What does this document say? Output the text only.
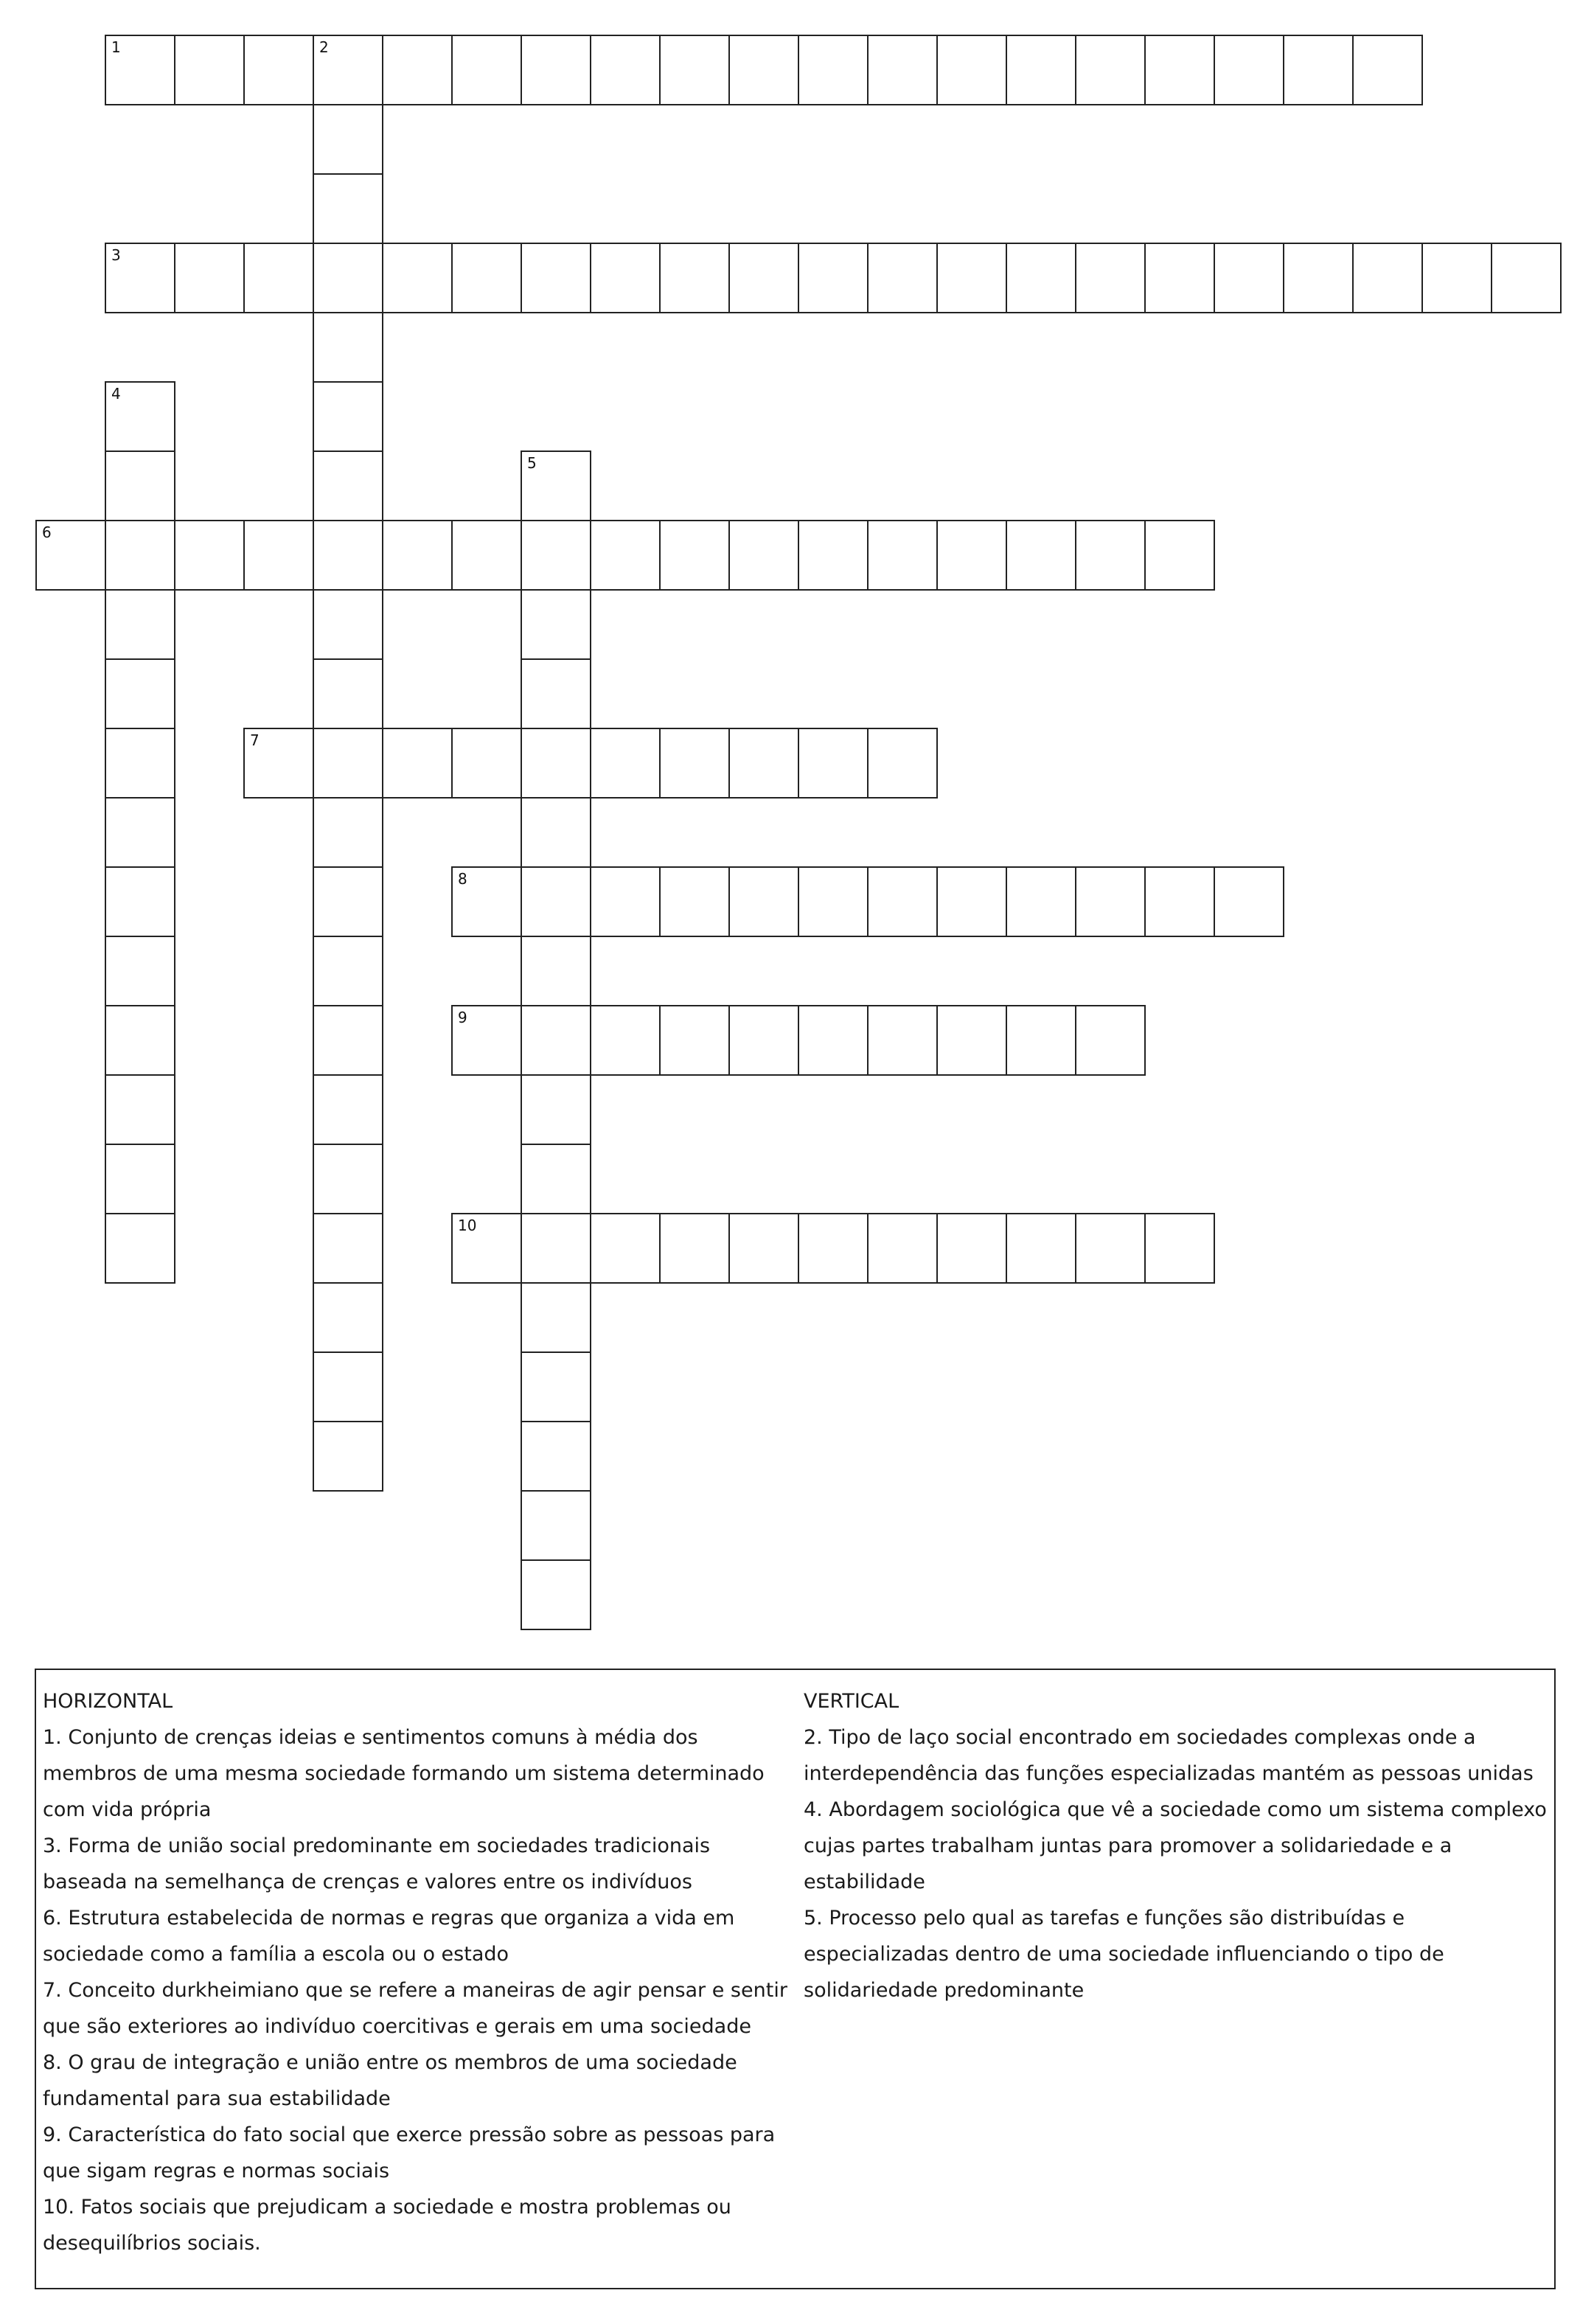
1	2
3
4
5
6
7
8
9
10
HORIZONTAL
1. Conjunto de crenças ideias e sentimentos comuns à média dos membros de uma mesma sociedade formando um sistema determinado com vida própria
3. Forma de união social predominante em sociedades tradicionais baseada na semelhança de crenças e valores entre os indivíduos
6. Estrutura estabelecida de normas e regras que organiza a vida em sociedade como a família a escola ou o estado
7. Conceito durkheimiano que se refere a maneiras de agir pensar e sentir que são exteriores ao indivíduo coercitivas e gerais em uma sociedade
8. O grau de integração e união entre os membros de uma sociedade fundamental para sua estabilidade
9. Característica do fato social que exerce pressão sobre as pessoas para que sigam regras e normas sociais
10. Fatos sociais que prejudicam a sociedade e mostra problemas ou desequilíbrios sociais.
VERTICAL
2. Tipo de laço social encontrado em sociedades complexas onde a interdependência das funções especializadas mantém as pessoas unidas
4. Abordagem sociológica que vê a sociedade como um sistema complexo cujas partes trabalham juntas para promover a solidariedade e a estabilidade
5. Processo pelo qual as tarefas e funções são distribuídas e especializadas dentro de uma sociedade influenciando o tipo de solidariedade predominante
